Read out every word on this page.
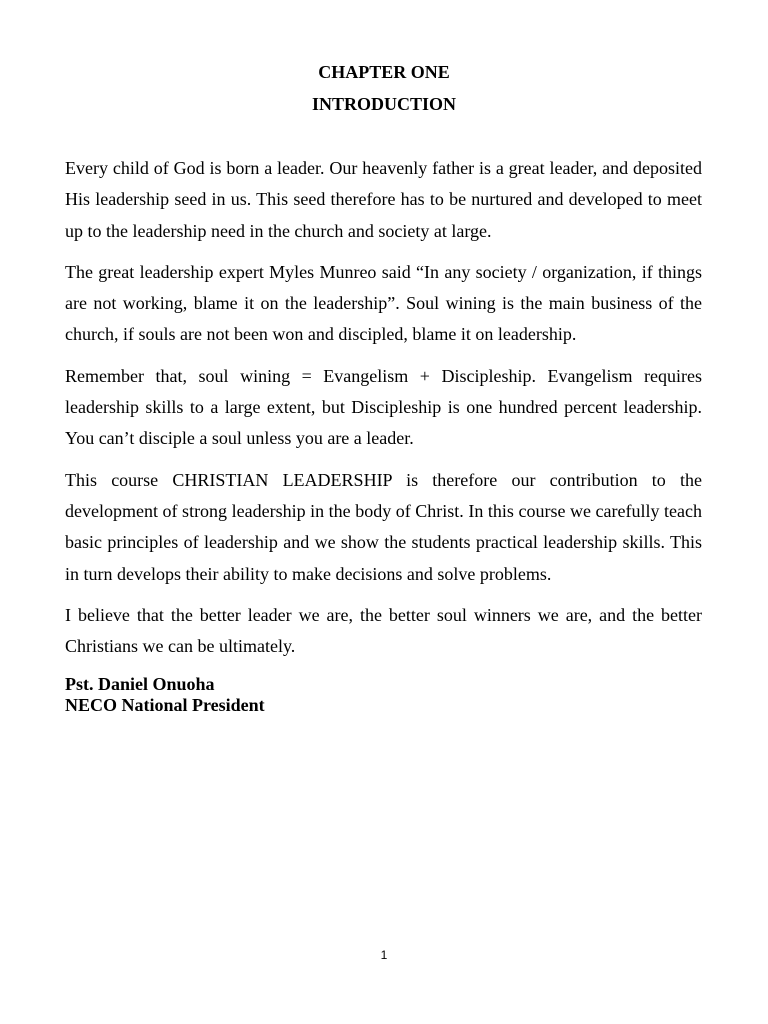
CHAPTER ONE
INTRODUCTION

Every child of God is born a leader. Our heavenly father is a great leader, and deposited His leadership seed in us. This seed therefore has to be nurtured and developed to meet up to the leadership need in the church and society at large.

The great leadership expert Myles Munreo said “In any society / organization, if things are not working, blame it on the leadership”. Soul wining is the main business of the church, if souls are not been won and discipled, blame it on leadership.

Remember that, soul wining = Evangelism + Discipleship. Evangelism requires leadership skills to a large extent, but Discipleship is one hundred percent leadership. You can’t disciple a soul unless you are a leader.

This course CHRISTIAN LEADERSHIP is therefore our contribution to the development of strong leadership in the body of Christ. In this course we carefully teach basic principles of leadership and we show the students practical leadership skills. This in turn develops their ability to make decisions and solve problems.

I believe that the better leader we are, the better soul winners we are, and the better Christians we can be ultimately.

Pst. Daniel Onuoha
NECO National President
1
